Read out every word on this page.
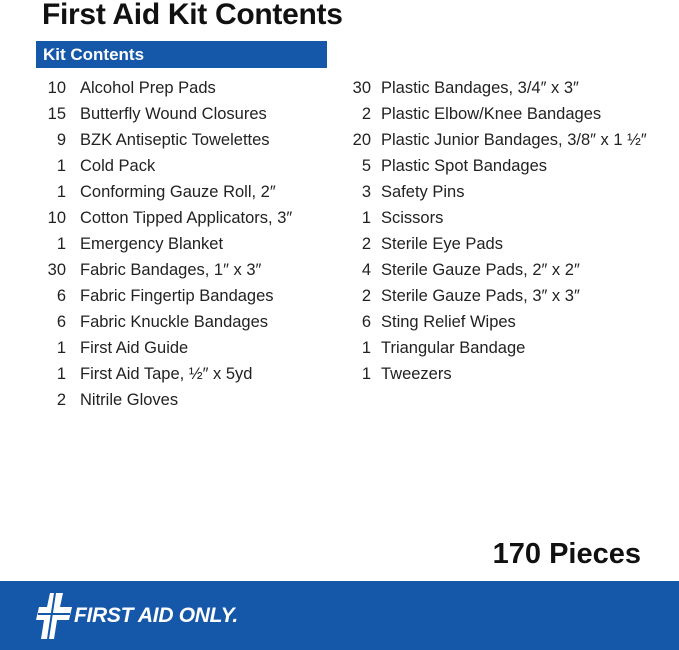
First Aid Kit Contents
Kit Contents
10 Alcohol Prep Pads
15 Butterfly Wound Closures
9 BZK Antiseptic Towelettes
1 Cold Pack
1 Conforming Gauze Roll, 2″
10 Cotton Tipped Applicators, 3″
1 Emergency Blanket
30 Fabric Bandages, 1″ x 3″
6 Fabric Fingertip Bandages
6 Fabric Knuckle Bandages
1 First Aid Guide
1 First Aid Tape, ½″ x 5yd
2 Nitrile Gloves
30 Plastic Bandages, 3/4″ x 3″
2 Plastic Elbow/Knee Bandages
20 Plastic Junior Bandages, 3/8″ x 1 ½″
5 Plastic Spot Bandages
3 Safety Pins
1 Scissors
2 Sterile Eye Pads
4 Sterile Gauze Pads, 2″ x 2″
2 Sterile Gauze Pads, 3″ x 3″
6 Sting Relief Wipes
1 Triangular Bandage
1 Tweezers
170 Pieces
FIRST AID ONLY.
